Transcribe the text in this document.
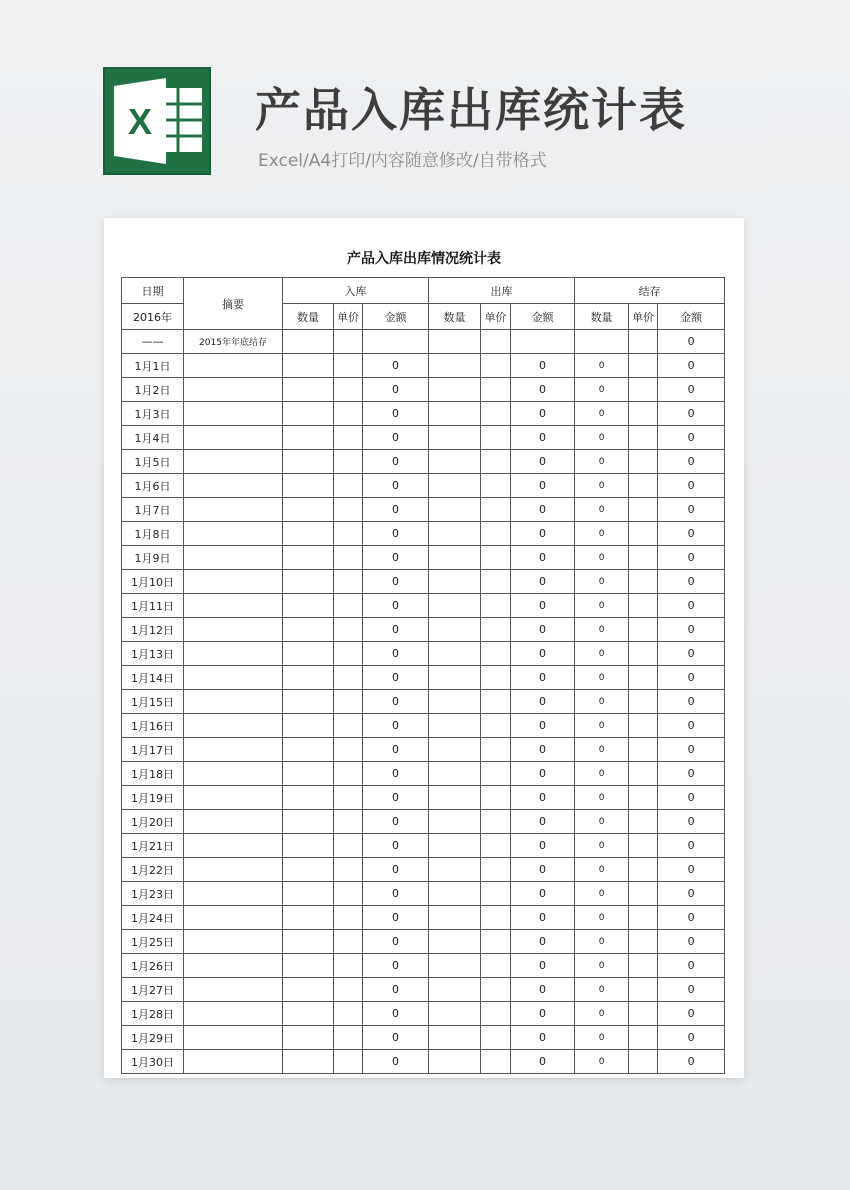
X 产品入库出库统计表
Excel/A4打印/内容随意修改/自带格式
产品入库出库情况统计表
日期	摘要	入库			出库			结存		
2016年		数量	单价	金额	数量	单价	金额	数量	单价	金额
——	2015年年底结存									0
1月1日				0			0	0		0
1月2日				0			0	0		0
1月3日				0			0	0		0
1月4日				0			0	0		0
1月5日				0			0	0		0
1月6日				0			0	0		0
1月7日				0			0	0		0
1月8日				0			0	0		0
1月9日				0			0	0		0
1月10日				0			0	0		0
1月11日				0			0	0		0
1月12日				0			0	0		0
1月13日				0			0	0		0
1月14日				0			0	0		0
1月15日				0			0	0		0
1月16日				0			0	0		0
1月17日				0			0	0		0
1月18日				0			0	0		0
1月19日				0			0	0		0
1月20日				0			0	0		0
1月21日				0			0	0		0
1月22日				0			0	0		0
1月23日				0			0	0		0
1月24日				0			0	0		0
1月25日				0			0	0		0
1月26日				0			0	0		0
1月27日				0			0	0		0
1月28日				0			0	0		0
1月29日				0			0	0		0
1月30日				0			0	0		0
